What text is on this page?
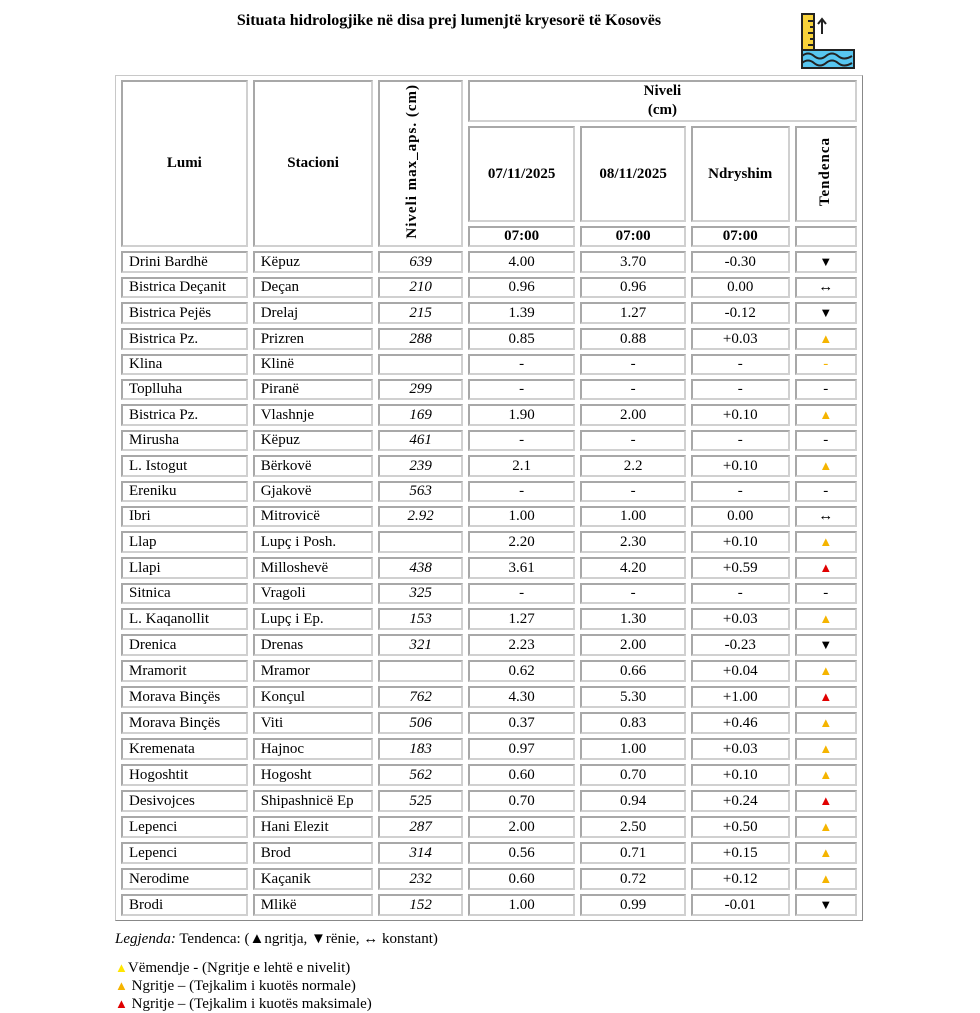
Situata hidrologjike në disa prej lumenjtë kryesorë të Kosovës
Lumi	Stacioni	Niveli max_aps. (cm)	Niveli
(cm)			
			07/11/2025	08/11/2025	Ndryshim	Tendenca
			07:00	07:00	07:00	
Drini Bardhë	Këpuz	639	4.00	3.70	-0.30	▼
Bistrica Deçanit	Deçan	210	0.96	0.96	0.00	↔
Bistrica Pejës	Drelaj	215	1.39	1.27	-0.12	▼
Bistrica Pz.	Prizren	288	0.85	0.88	+0.03	▲
Klina	Klinë		-	-	-	-
Toplluha	Piranë	299	-	-	-	-
Bistrica Pz.	Vlashnje	169	1.90	2.00	+0.10	▲
Mirusha	Këpuz	461	-	-	-	-
L. Istogut	Bërkovë	239	2.1	2.2	+0.10	▲
Ereniku	Gjakovë	563	-	-	-	-
Ibri	Mitrovicë	2.92	1.00	1.00	0.00	↔
Llap	Lupç i Posh.		2.20	2.30	+0.10	▲
Llapi	Milloshevë	438	3.61	4.20	+0.59	▲
Sitnica	Vragoli	325	-	-	-	-
L. Kaqanollit	Lupç i Ep.	153	1.27	1.30	+0.03	▲
Drenica	Drenas	321	2.23	2.00	-0.23	▼
Mramorit	Mramor		0.62	0.66	+0.04	▲
Morava Binçës	Konçul	762	4.30	5.30	+1.00	▲
Morava Binçës	Viti	506	0.37	0.83	+0.46	▲
Kremenata	Hajnoc	183	0.97	1.00	+0.03	▲
Hogoshtit	Hogosht	562	0.60	0.70	+0.10	▲
Desivojces	Shipashnicë Ep	525	0.70	0.94	+0.24	▲
Lepenci	Hani Elezit	287	2.00	2.50	+0.50	▲
Lepenci	Brod	314	0.56	0.71	+0.15	▲
Nerodime	Kaçanik	232	0.60	0.72	+0.12	▲
Brodi	Mlikë	152	1.00	0.99	-0.01	▼

Legjenda: Tendenca: (▲ngritja, ▼rënie, ↔ konstant)

▲Vëmendje - (Ngritje e lehtë e nivelit)
▲ Ngritje – (Tejkalim i kuotës normale)
▲ Ngritje – (Tejkalim i kuotës maksimale)
